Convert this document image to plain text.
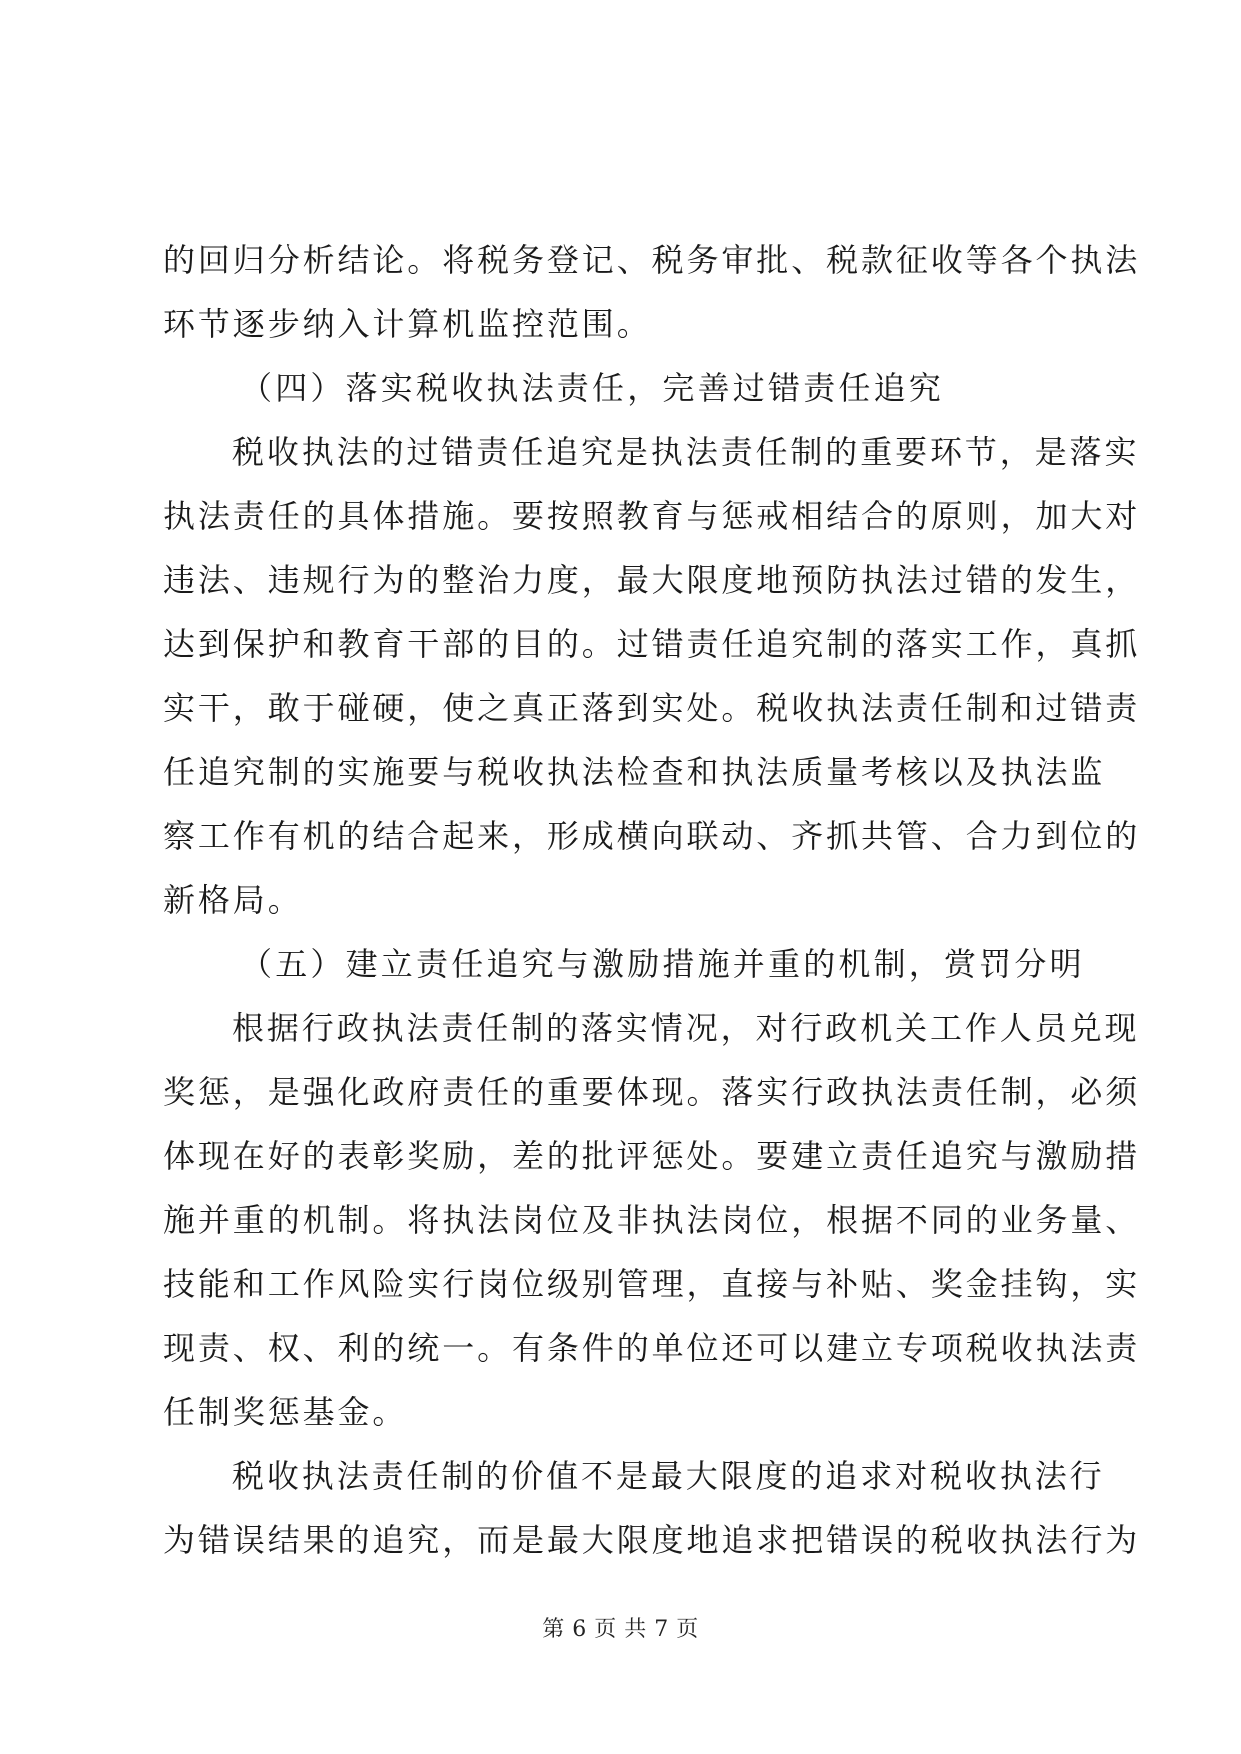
的回归分析结论。将税务登记、税务审批、税款征收等各个执法
环节逐步纳入计算机监控范围。
（四）落实税收执法责任，完善过错责任追究
税收执法的过错责任追究是执法责任制的重要环节，是落实
执法责任的具体措施。要按照教育与惩戒相结合的原则，加大对
违法、违规行为的整治力度，最大限度地预防执法过错的发生，
达到保护和教育干部的目的。过错责任追究制的落实工作，真抓
实干，敢于碰硬，使之真正落到实处。税收执法责任制和过错责
任追究制的实施要与税收执法检查和执法质量考核以及执法监
察工作有机的结合起来，形成横向联动、齐抓共管、合力到位的
新格局。
（五）建立责任追究与激励措施并重的机制，赏罚分明
根据行政执法责任制的落实情况，对行政机关工作人员兑现
奖惩，是强化政府责任的重要体现。落实行政执法责任制，必须
体现在好的表彰奖励，差的批评惩处。要建立责任追究与激励措
施并重的机制。将执法岗位及非执法岗位，根据不同的业务量、
技能和工作风险实行岗位级别管理，直接与补贴、奖金挂钩，实
现责、权、利的统一。有条件的单位还可以建立专项税收执法责
任制奖惩基金。
税收执法责任制的价值不是最大限度的追求对税收执法行
为错误结果的追究，而是最大限度地追求把错误的税收执法行为
第 6 页 共 7 页
